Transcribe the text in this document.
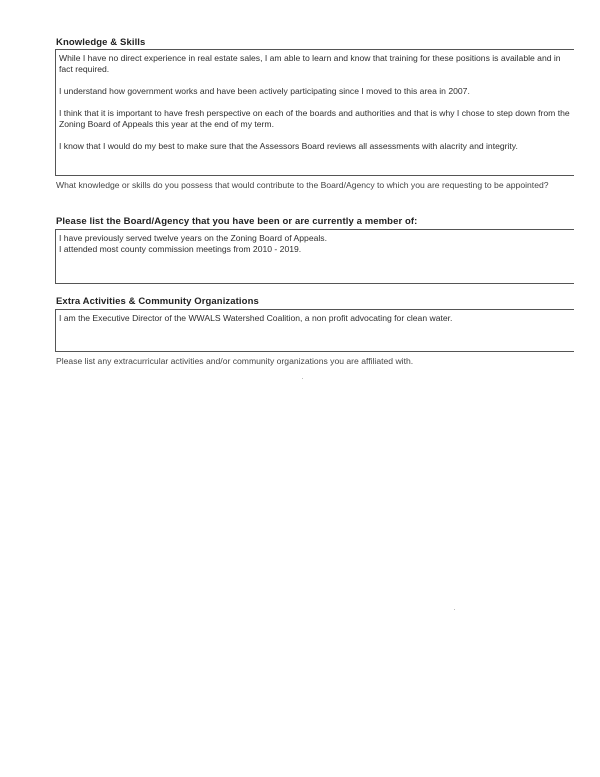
Knowledge & Skills

While I have no direct experience in real estate sales, I am able to learn and know that training for these positions is available and in fact required.

I understand how government works and have been actively participating since I moved to this area in 2007.

I think that it is important to have fresh perspective on each of the boards and authorities and that is why I chose to step down from the Zoning Board of Appeals this year at the end of my term.

I know that I would do my best to make sure that the Assessors Board reviews all assessments with alacrity and integrity.

What knowledge or skills do you possess that would contribute to the Board/Agency to which you are requesting to be appointed?
Please list the Board/Agency that you have been or are currently a member of:

I have previously served twelve years on the Zoning Board of Appeals.

I attended most county commission meetings from 2010 - 2019.

Extra Activities & Community Organizations

I am the Executive Director of the WWALS Watershed Coalition, a non profit advocating for clean water.

Please list any extracurricular activities and/or community organizations you are affiliated with.
